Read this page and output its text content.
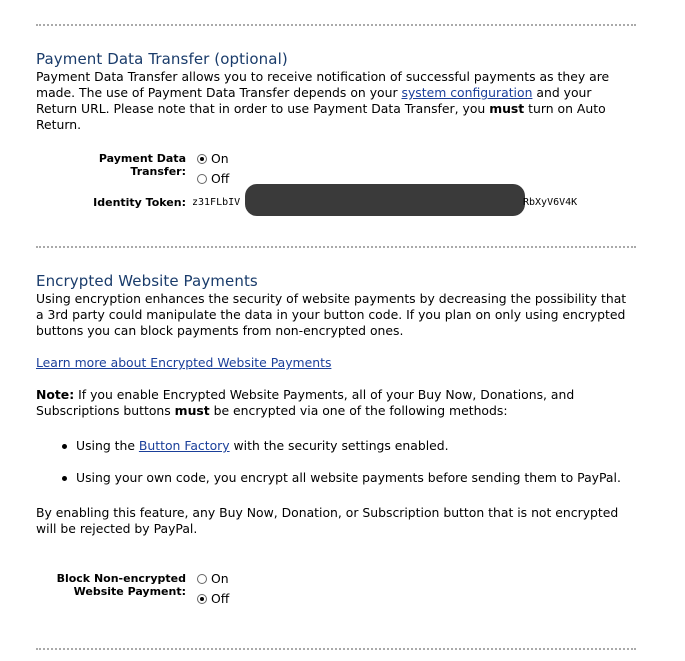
Payment Data Transfer (optional)

Payment Data Transfer allows you to receive notification of successful payments as they are made. The use of Payment Data Transfer depends on your system configuration and your Return URL. Please note that in order to use Payment Data Transfer, you must turn on Auto Return.

Payment Data
Transfer:
On
Off
Identity Token: z31FLbIV	RbXyV6V4K
Encrypted Website Payments

Using encryption enhances the security of website payments by decreasing the possibility that a 3rd party could manipulate the data in your button code. If you plan on only using encrypted buttons you can block payments from non-encrypted ones.

Learn more about Encrypted Website Payments

Note: If you enable Encrypted Website Payments, all of your Buy Now, Donations, and Subscriptions buttons must be encrypted via one of the following methods:

Using the Button Factory with the security settings enabled.
Using your own code, you encrypt all website payments before sending them to PayPal.

By enabling this feature, any Buy Now, Donation, or Subscription button that is not encrypted will be rejected by PayPal.

Block Non-encrypted
Website Payment:
On
Off
